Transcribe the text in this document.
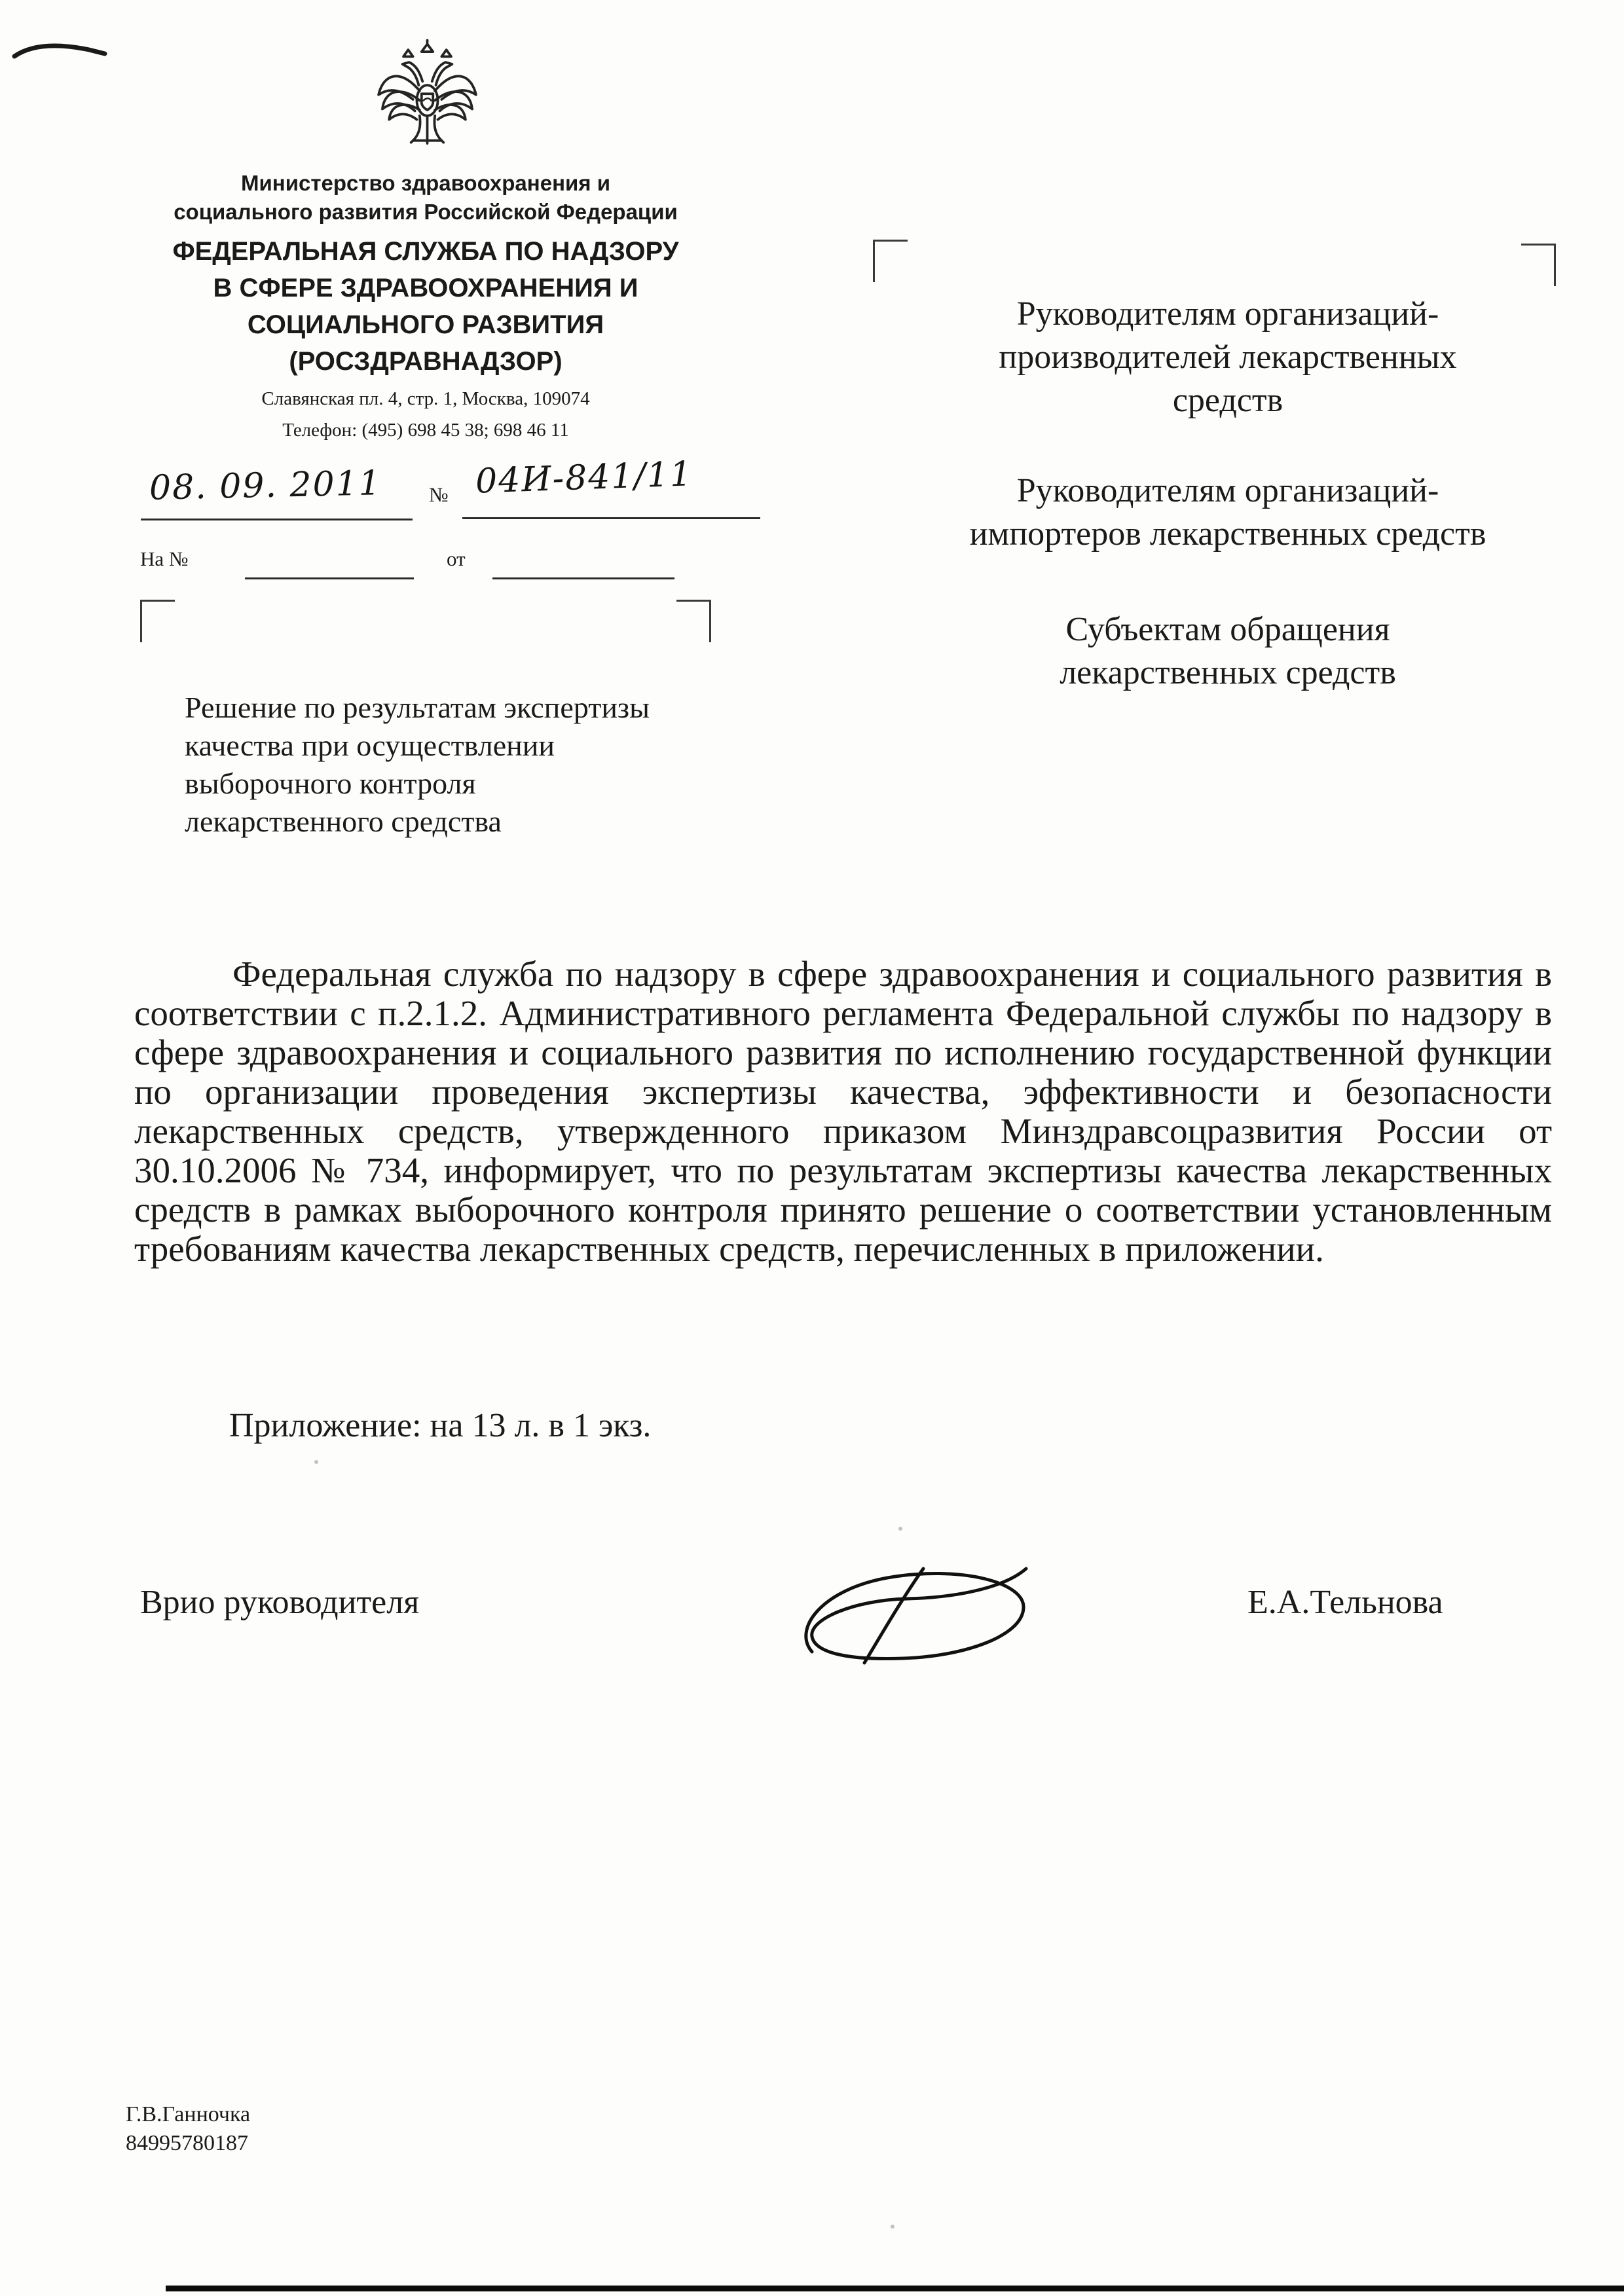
Министерство здравоохранения и
социального развития Российской Федерации
ФЕДЕРАЛЬНАЯ СЛУЖБА ПО НАДЗОРУ
В СФЕРЕ ЗДРАВООХРАНЕНИЯ И
СОЦИАЛЬНОГО РАЗВИТИЯ
(РОСЗДРАВНАДЗОР)
Славянская пл. 4, стр. 1, Москва, 109074
Телефон: (495) 698 45 38; 698 46 11
08. 09. 2011 № 04И-841/11
На №	от
Решение по результатам экспертизы
качества при осуществлении
выборочного контроля
лекарственного средства
Руководителям организаций-
производителей лекарственных
средств
Руководителям организаций-
импортеров лекарственных средств
Субъектам обращения
лекарственных средств
Федеральная служба по надзору в сфере здравоохранения и социального развития в соответствии с п.2.1.2. Административного регламента Федеральной службы по надзору в сфере здравоохранения и социального развития по исполнению государственной функции по организации проведения экспертизы качества, эффективности и безопасности лекарственных средств, утвержденного приказом Минздравсоцразвития России от 30.10.2006 № 734, информирует, что по результатам экспертизы качества лекарственных средств в рамках выборочного контроля принято решение о соответствии установленным требованиям качества лекарственных средств, перечисленных в приложении.
Приложение: на 13 л. в 1 экз.
Врио руководителя	Е.А.Тельнова
Г.В.Ганночка
84995780187
